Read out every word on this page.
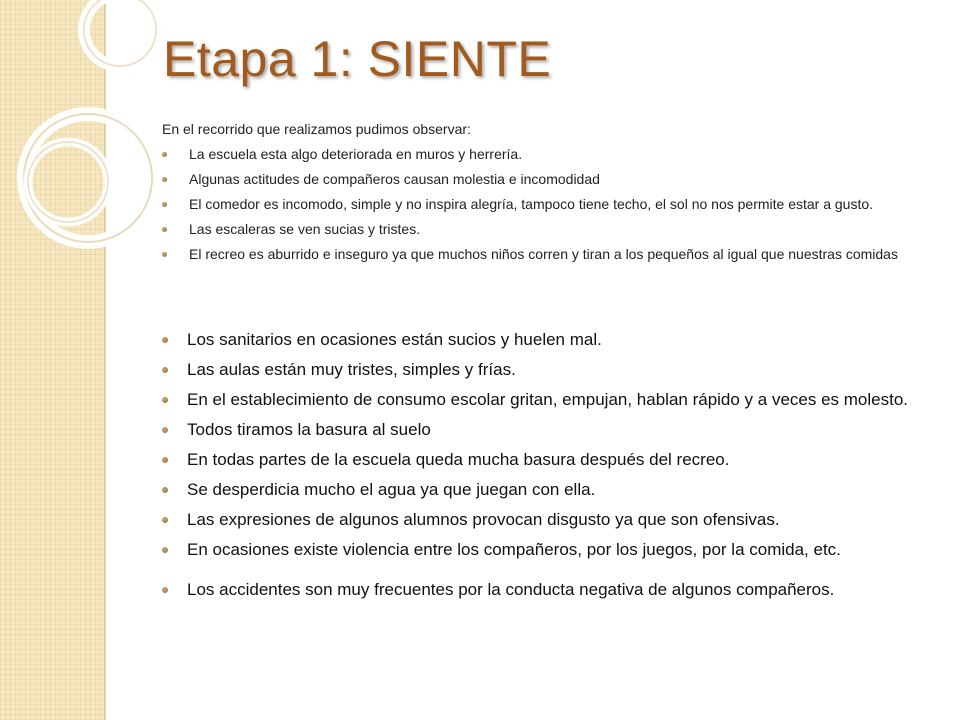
Etapa 1: SIENTE
En el recorrido que realizamos pudimos observar:
La escuela esta algo deteriorada en muros y herrería.
Algunas actitudes de compañeros causan molestia e incomodidad
El comedor es incomodo, simple y no inspira alegría, tampoco tiene techo, el sol no nos permite estar a gusto.
Las escaleras se ven sucias y tristes.
El recreo es aburrido e inseguro ya que muchos niños corren y tiran a los pequeños al igual que nuestras comidas
Los sanitarios en ocasiones están sucios y huelen mal.
Las aulas están muy tristes, simples y frías.
En el establecimiento de consumo escolar gritan, empujan, hablan rápido y a veces es molesto.
Todos tiramos la basura al suelo
En todas partes de la escuela queda mucha basura después del recreo.
Se desperdicia mucho el agua ya que juegan con ella.
Las expresiones de algunos alumnos provocan disgusto ya que son ofensivas.
En ocasiones existe violencia entre los compañeros, por los juegos, por la comida, etc.
Los accidentes son muy frecuentes por la conducta negativa de algunos compañeros.
